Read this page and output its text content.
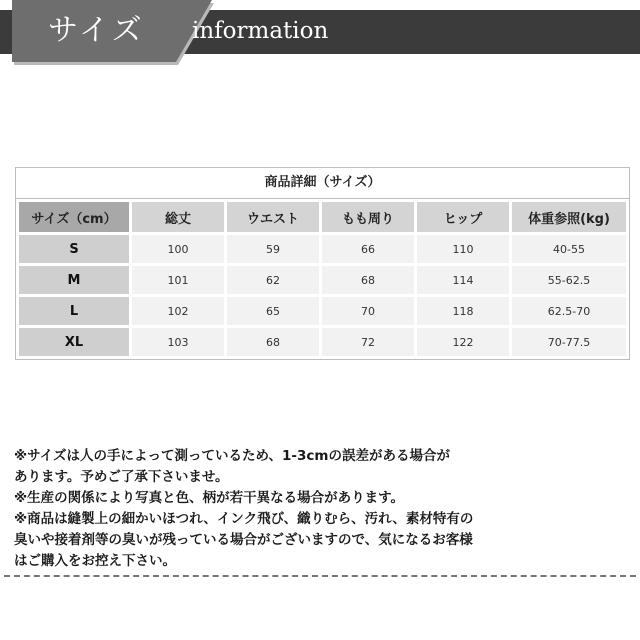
サイズ information
商品詳細（サイズ）
サイズ（cm）	総丈	ウエスト	もも周り	ヒップ	体重参照(kg)
S	100	59	66	110	40-55
M	101	62	68	114	55-62.5
L	102	65	70	118	62.5-70
XL	103	68	72	122	70-77.5

※サイズは人の手によって測っているため、1-3cmの誤差がある場合が
あります。予めご了承下さいませ。

※生産の関係により写真と色、柄が若干異なる場合があります。

※商品は縫製上の細かいほつれ、インク飛び、織りむら、汚れ、素材特有の
臭いや接着剤等の臭いが残っている場合がございますので、気になるお客様
はご購入をお控え下さい。
